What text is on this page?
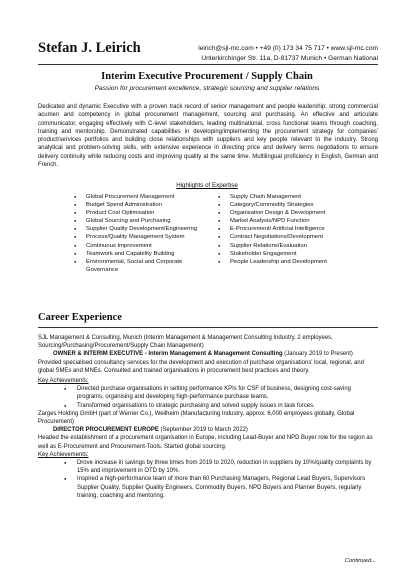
Stefan J. Leirich	leirich@sjl-mc.com • +49 (0) 173 34 75 717 • www.sjl-mc.com
Unterkirchinger Str. 11a, D-81737 Munich • German National
Interim Executive Procurement / Supply Chain
Passion for procurement excellence, strategic sourcing and supplier relations
Dedicated and dynamic Executive with a proven track record of senior management and people leadership; strong commercial acumen and competency in global procurement management, sourcing and purchasing. An effective and articulate communicator, engaging effectively with C-level stakeholders, leading multinational, cross functional teams through coaching, training and mentorship. Demonstrated capabilities in developing/implementing the procurement strategy for companies' product/services portfolios and building close relationships with suppliers and key people relevant to the industry. Strong analytical and problem-solving skills, with extensive experience in directing price and delivery terms negotiations to ensure delivery continuity while reducing costs and improving quality at the same time. Multilingual proficiency in English, German and French.
Highlights of Expertise
● Global Procurement Management
● Budget Spend Administration
● Product Cost Optimisation
● Global Sourcing and Purchasing
● Supplier Quality Development/Engineering
● Process/Quality Management System
● Continuous Improvement
● Teamwork and Capability Building
● Environmental, Social and Corporate Governance
● Supply Chain Management
● Category/Commodity Strategies
● Organisation Design & Development
● Market Analysis/NPD Function
● E-Procurement/ Artificial Intelligence
● Contract Negotiations/Development
● Supplier Relations/Evaluation
● Stakeholder Engagement
● People Leadership and Development
Career Experience

SJL Management & Consulting, Munich (Interim Management & Management Consulting Industry, 2 employees, Sourcing/Purchasing/Procurement/Supply Chain Management)

OWNER & INTERIM EXECUTIVE - Interim Management & Management Consulting (January 2019 to Present)

Provided specialised consultancy services for the development and execution of purchase organisations' local, regional, and global SMEs and MNEs. Consulted and trained organisations in procurement best practices and theory.

Key Achievements:

● Directed purchase organisations in setting performance KPIs for CSF of business, designing cost-saving programs, organising and developing high-performance purchase teams.
● Transformed organisations to strategic purchasing and solved supply issues in task forces.

Zarges Holding GmbH (part of Werner Co.), Weilheim (Manufacturing Industry, approx. 6,000 employees globally, Global Procurement)

DIRECTOR PROCUREMENT EUROPE (September 2019 to March 2022)

Headed the establishment of a procurement organisation in Europe, including Lead-Buyer and NPD Buyer role for the region as well as E-Procurement and Procurement-Tools. Started global sourcing.

Key Achievements:

● Drove increase in savings by three times from 2019 to 2020, reduction in suppliers by 10%/quality complaints by 15% and improvement in OTD by 10%.
● Inspired a high-performance team of more than 60 Purchasing Managers, Regional Lead Buyers, Supervisors Supplier Quality, Supplier Quality Engineers, Commodity Buyers, NPD Buyers and Planner Buyers, regularly training, coaching and mentoring.
Continued...
